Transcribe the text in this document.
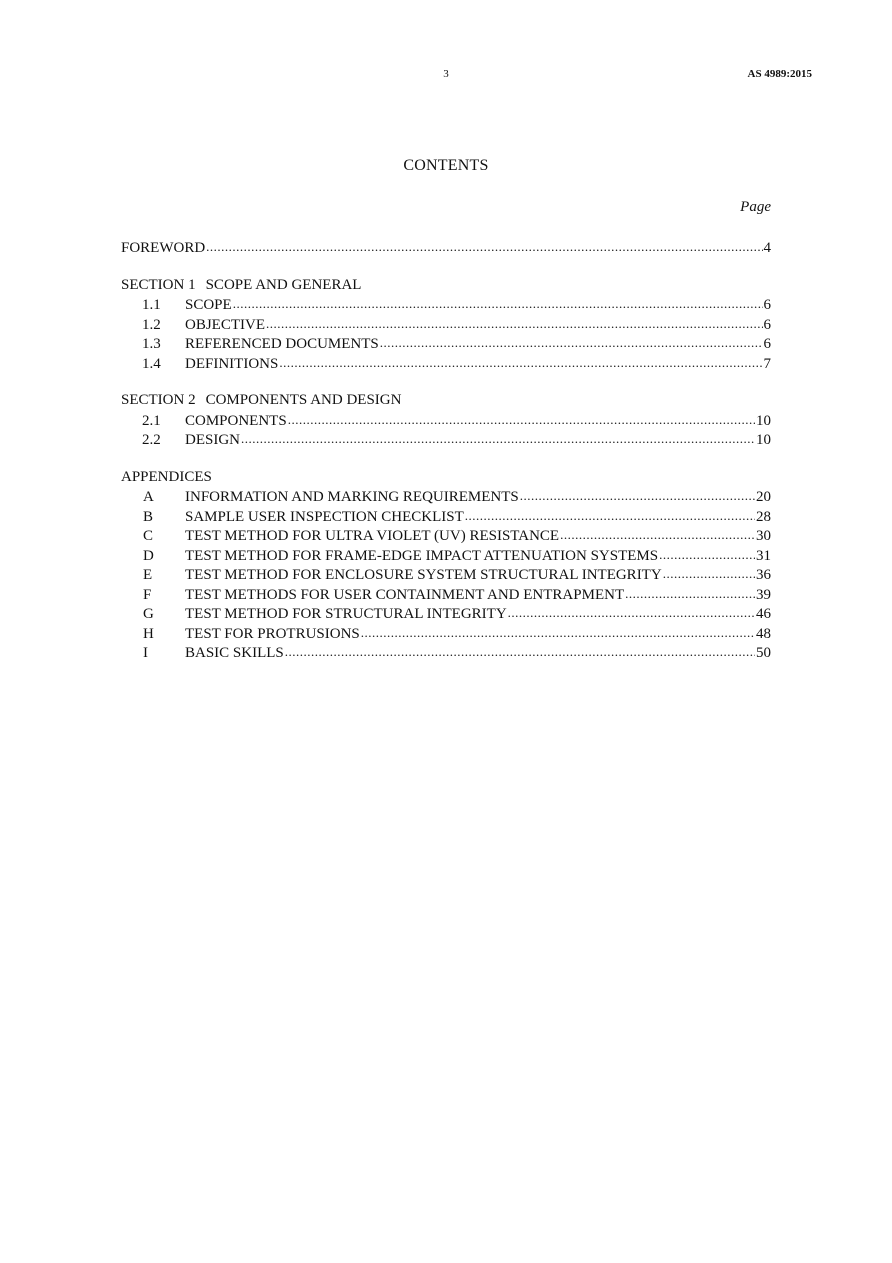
3	AS 4989:2015
CONTENTS
Page
FOREWORD .....	4
SECTION 1 SCOPE AND GENERAL
1.1	SCOPE .....	6
1.2	OBJECTIVE .....	6
1.3	REFERENCED DOCUMENTS .....	6
1.4	DEFINITIONS .....	7
SECTION 2 COMPONENTS AND DESIGN
2.1	COMPONENTS .....	10
2.2	DESIGN .....	10
APPENDICES
A	INFORMATION AND MARKING REQUIREMENTS .....	20
B	SAMPLE USER INSPECTION CHECKLIST .....	28
C	TEST METHOD FOR ULTRA VIOLET (UV) RESISTANCE .....	30
D	TEST METHOD FOR FRAME-EDGE IMPACT ATTENUATION SYSTEMS .....	31
E	TEST METHOD FOR ENCLOSURE SYSTEM STRUCTURAL INTEGRITY .....	36
F	TEST METHODS FOR USER CONTAINMENT AND ENTRAPMENT .....	39
G	TEST METHOD FOR STRUCTURAL INTEGRITY .....	46
H	TEST FOR PROTRUSIONS .....	48
I	BASIC SKILLS .....	50
